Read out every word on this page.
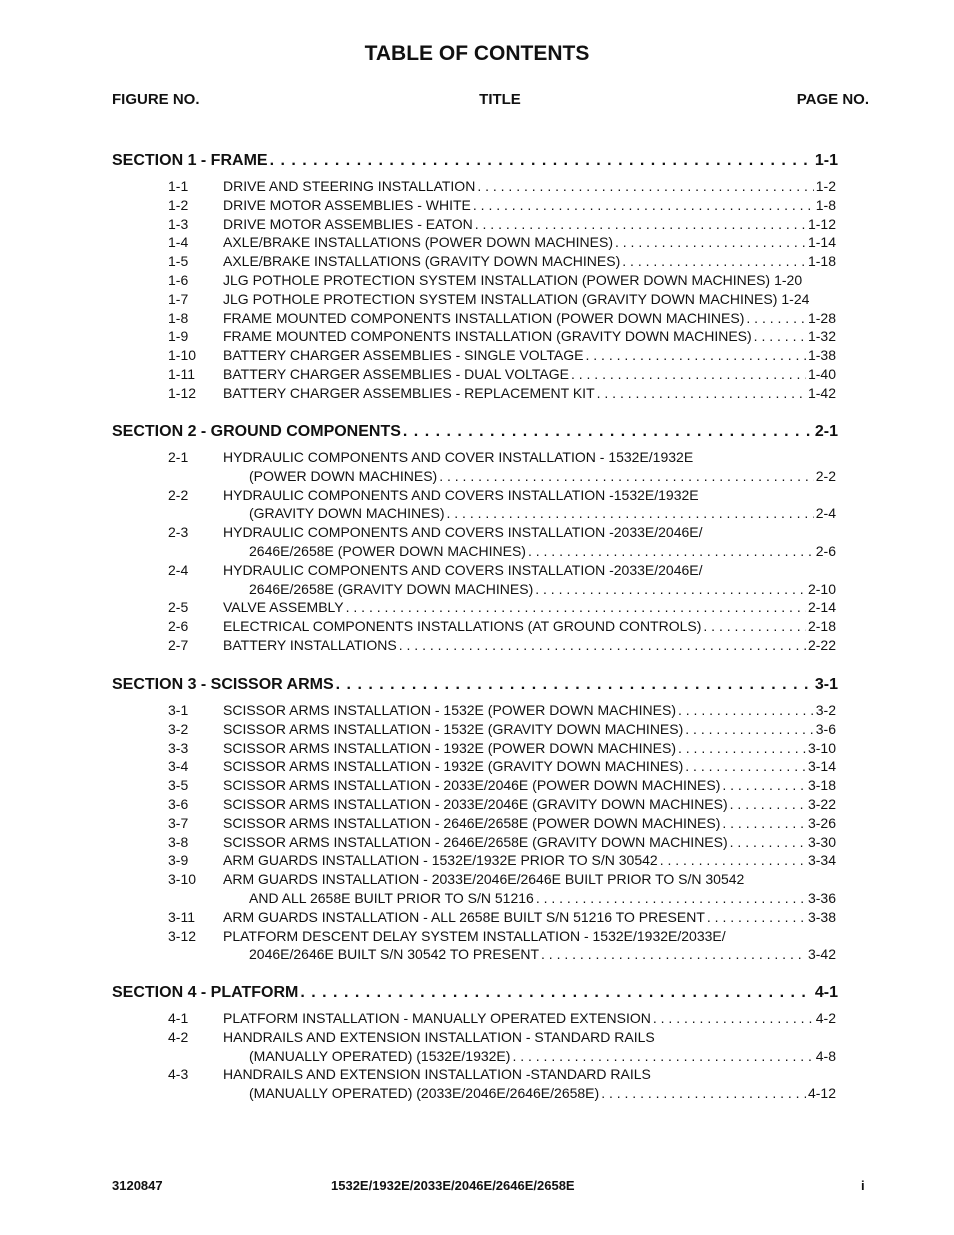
TABLE OF CONTENTS
FIGURE NO.	TITLE	PAGE NO.
SECTION 1 - FRAME . . .	1-1
1-1 DRIVE AND STEERING INSTALLATION . . .	1-2
1-2 DRIVE MOTOR ASSEMBLIES - WHITE . . .	1-8
1-3 DRIVE MOTOR ASSEMBLIES - EATON . . .	1-12
1-4 AXLE/BRAKE INSTALLATIONS (POWER DOWN MACHINES) . . .	1-14
1-5 AXLE/BRAKE INSTALLATIONS (GRAVITY DOWN MACHINES) . . .	1-18
1-6 JLG POTHOLE PROTECTION SYSTEM INSTALLATION (POWER DOWN MACHINES) 1-20
1-7 JLG POTHOLE PROTECTION SYSTEM INSTALLATION (GRAVITY DOWN MACHINES) 1-24
1-8 FRAME MOUNTED COMPONENTS INSTALLATION (POWER DOWN MACHINES) . . .	1-28
1-9 FRAME MOUNTED COMPONENTS INSTALLATION (GRAVITY DOWN MACHINES) . . .	1-32
1-10 BATTERY CHARGER ASSEMBLIES - SINGLE VOLTAGE . . .	1-38
1-11 BATTERY CHARGER ASSEMBLIES - DUAL VOLTAGE . . .	1-40
1-12 BATTERY CHARGER ASSEMBLIES - REPLACEMENT KIT . . .	1-42
SECTION 2 - GROUND COMPONENTS . . .	2-1
2-1 HYDRAULIC COMPONENTS AND COVER INSTALLATION - 1532E/1932E
(POWER DOWN MACHINES) . . .	2-2
2-2 HYDRAULIC COMPONENTS AND COVERS INSTALLATION -1532E/1932E
(GRAVITY DOWN MACHINES) . . .	2-4
2-3 HYDRAULIC COMPONENTS AND COVERS INSTALLATION -2033E/2046E/
2646E/2658E (POWER DOWN MACHINES) . . .	2-6
2-4 HYDRAULIC COMPONENTS AND COVERS INSTALLATION -2033E/2046E/
2646E/2658E (GRAVITY DOWN MACHINES) . . .	2-10
2-5 VALVE ASSEMBLY . . .	2-14
2-6 ELECTRICAL COMPONENTS INSTALLATIONS (AT GROUND CONTROLS) . . .	2-18
2-7 BATTERY INSTALLATIONS . . .	2-22
SECTION 3 - SCISSOR ARMS . . .	3-1
3-1 SCISSOR ARMS INSTALLATION - 1532E (POWER DOWN MACHINES) . . .	3-2
3-2 SCISSOR ARMS INSTALLATION - 1532E (GRAVITY DOWN MACHINES) . . .	3-6
3-3 SCISSOR ARMS INSTALLATION - 1932E (POWER DOWN MACHINES) . . .	3-10
3-4 SCISSOR ARMS INSTALLATION - 1932E (GRAVITY DOWN MACHINES) . . .	3-14
3-5 SCISSOR ARMS INSTALLATION - 2033E/2046E (POWER DOWN MACHINES) . . .	3-18
3-6 SCISSOR ARMS INSTALLATION - 2033E/2046E (GRAVITY DOWN MACHINES) . . .	3-22
3-7 SCISSOR ARMS INSTALLATION - 2646E/2658E (POWER DOWN MACHINES) . . .	3-26
3-8 SCISSOR ARMS INSTALLATION - 2646E/2658E (GRAVITY DOWN MACHINES) . . .	3-30
3-9 ARM GUARDS INSTALLATION - 1532E/1932E PRIOR TO S/N 30542 . . .	3-34
3-10 ARM GUARDS INSTALLATION - 2033E/2046E/2646E BUILT PRIOR TO S/N 30542
AND ALL 2658E BUILT PRIOR TO S/N 51216 . . .	3-36
3-11 ARM GUARDS INSTALLATION - ALL 2658E BUILT S/N 51216 TO PRESENT . . .	3-38
3-12 PLATFORM DESCENT DELAY SYSTEM INSTALLATION - 1532E/1932E/2033E/
2046E/2646E BUILT S/N 30542 TO PRESENT . . .	3-42
SECTION 4 - PLATFORM . . .	4-1
4-1 PLATFORM INSTALLATION - MANUALLY OPERATED EXTENSION . . .	4-2
4-2 HANDRAILS AND EXTENSION INSTALLATION - STANDARD RAILS
(MANUALLY OPERATED) (1532E/1932E) . . .	4-8
4-3 HANDRAILS AND EXTENSION INSTALLATION -STANDARD RAILS
(MANUALLY OPERATED) (2033E/2046E/2646E/2658E) . . .	4-12
3120847	1532E/1932E/2033E/2046E/2646E/2658E	i
